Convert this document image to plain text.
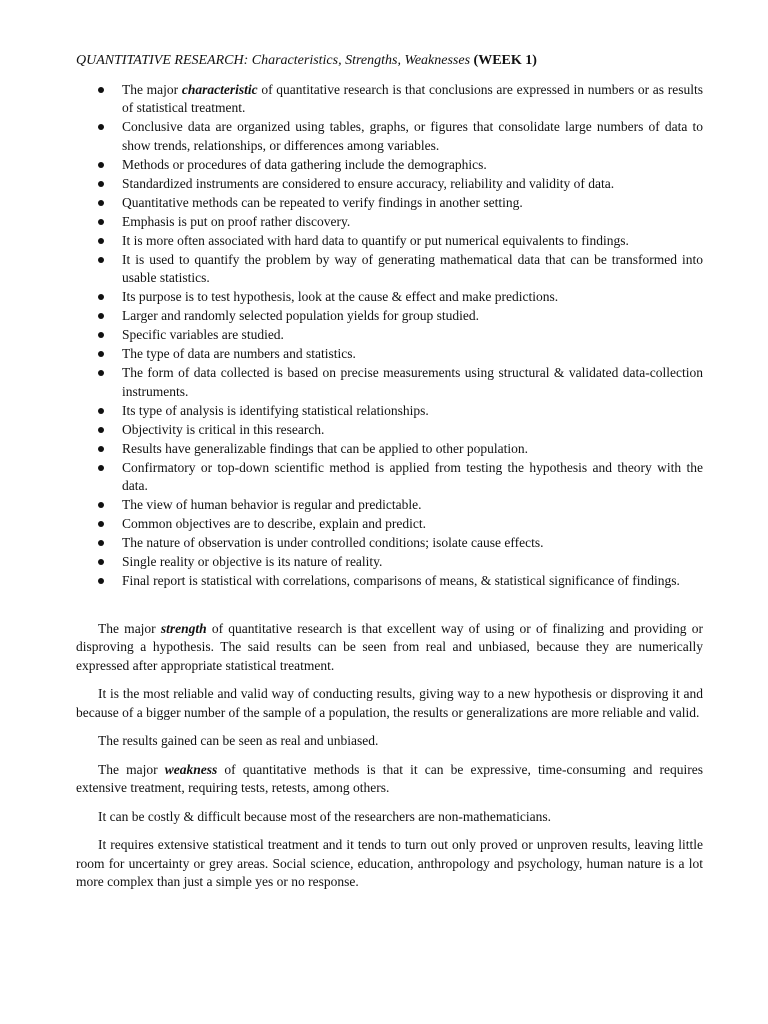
QUANTITATIVE RESEARCH: Characteristics, Strengths, Weaknesses (WEEK 1)
The major characteristic of quantitative research is that conclusions are expressed in numbers or as results of statistical treatment.
Conclusive data are organized using tables, graphs, or figures that consolidate large numbers of data to show trends, relationships, or differences among variables.
Methods or procedures of data gathering include the demographics.
Standardized instruments are considered to ensure accuracy, reliability and validity of data.
Quantitative methods can be repeated to verify findings in another setting.
Emphasis is put on proof rather discovery.
It is more often associated with hard data to quantify or put numerical equivalents to findings.
It is used to quantify the problem by way of generating mathematical data that can be transformed into usable statistics.
Its purpose is to test hypothesis, look at the cause & effect and make predictions.
Larger and randomly selected population yields for group studied.
Specific variables are studied.
The type of data are numbers and statistics.
The form of data collected is based on precise measurements using structural & validated data-collection instruments.
Its type of analysis is identifying statistical relationships.
Objectivity is critical in this research.
Results have generalizable findings that can be applied to other population.
Confirmatory or top-down scientific method is applied from testing the hypothesis and theory with the data.
The view of human behavior is regular and predictable.
Common objectives are to describe, explain and predict.
The nature of observation is under controlled conditions; isolate cause effects.
Single reality or objective is its nature of reality.
Final report is statistical with correlations, comparisons of means, & statistical significance of findings.

The major strength of quantitative research is that excellent way of using or of finalizing and providing or disproving a hypothesis. The said results can be seen from real and unbiased, because they are numerically expressed after appropriate statistical treatment.

It is the most reliable and valid way of conducting results, giving way to a new hypothesis or disproving it and because of a bigger number of the sample of a population, the results or generalizations are more reliable and valid.

The results gained can be seen as real and unbiased.

The major weakness of quantitative methods is that it can be expressive, time-consuming and requires extensive treatment, requiring tests, retests, among others.

It can be costly & difficult because most of the researchers are non-mathematicians.

It requires extensive statistical treatment and it tends to turn out only proved or unproven results, leaving little room for uncertainty or grey areas. Social science, education, anthropology and psychology, human nature is a lot more complex than just a simple yes or no response.
